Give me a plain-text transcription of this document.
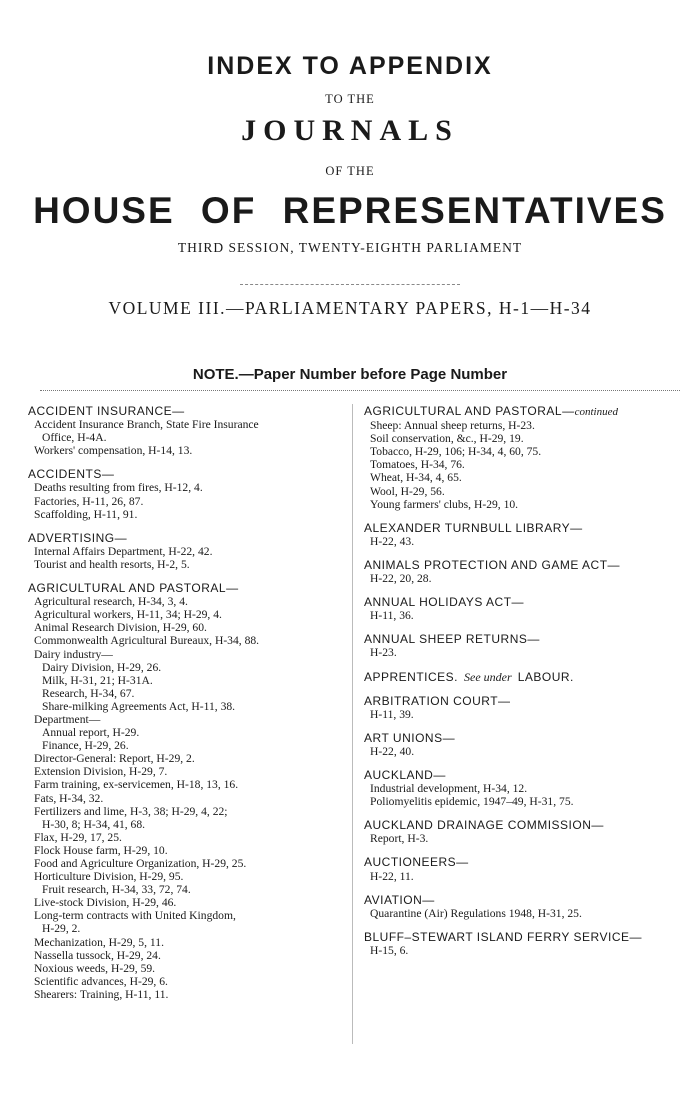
INDEX TO APPENDIX
TO THE
JOURNALS
OF THE
HOUSE OF REPRESENTATIVES
THIRD SESSION, TWENTY-EIGHTH PARLIAMENT
VOLUME III.—PARLIAMENTARY PAPERS, H-1—H-34
NOTE.—Paper Number before Page Number
ACCIDENT INSURANCE—
Accident Insurance Branch, State Fire Insurance
Office, H-4A.
Workers' compensation, H-14, 13.
ACCIDENTS—
Deaths resulting from fires, H-12, 4.
Factories, H-11, 26, 87.
Scaffolding, H-11, 91.
ADVERTISING—
Internal Affairs Department, H-22, 42.
Tourist and health resorts, H-2, 5.
AGRICULTURAL AND PASTORAL—
Agricultural research, H-34, 3, 4.
Agricultural workers, H-11, 34; H-29, 4.
Animal Research Division, H-29, 60.
Commonwealth Agricultural Bureaux, H-34, 88.
Dairy industry—
Dairy Division, H-29, 26.
Milk, H-31, 21; H-31A.
Research, H-34, 67.
Share-milking Agreements Act, H-11, 38.
Department—
Annual report, H-29.
Finance, H-29, 26.
Director-General: Report, H-29, 2.
Extension Division, H-29, 7.
Farm training, ex-servicemen, H-18, 13, 16.
Fats, H-34, 32.
Fertilizers and lime, H-3, 38; H-29, 4, 22;
H-30, 8; H-34, 41, 68.
Flax, H-29, 17, 25.
Flock House farm, H-29, 10.
Food and Agriculture Organization, H-29, 25.
Horticulture Division, H-29, 95.
Fruit research, H-34, 33, 72, 74.
Live-stock Division, H-29, 46.
Long-term contracts with United Kingdom,
H-29, 2.
Mechanization, H-29, 5, 11.
Nassella tussock, H-29, 24.
Noxious weeds, H-29, 59.
Scientific advances, H-29, 6.
Shearers: Training, H-11, 11.
AGRICULTURAL AND PASTORAL—continued
Sheep: Annual sheep returns, H-23.
Soil conservation, &c., H-29, 19.
Tobacco, H-29, 106; H-34, 4, 60, 75.
Tomatoes, H-34, 76.
Wheat, H-34, 4, 65.
Wool, H-29, 56.
Young farmers' clubs, H-29, 10.
ALEXANDER TURNBULL LIBRARY—
H-22, 43.
ANIMALS PROTECTION AND GAME ACT—
H-22, 20, 28.
ANNUAL HOLIDAYS ACT—
H-11, 36.
ANNUAL SHEEP RETURNS—
H-23.
APPRENTICES. See under LABOUR.
ARBITRATION COURT—
H-11, 39.
ART UNIONS—
H-22, 40.
AUCKLAND—
Industrial development, H-34, 12.
Poliomyelitis epidemic, 1947–49, H-31, 75.
AUCKLAND DRAINAGE COMMISSION—
Report, H-3.
AUCTIONEERS—
H-22, 11.
AVIATION—
Quarantine (Air) Regulations 1948, H-31, 25.
BLUFF–STEWART ISLAND FERRY SERVICE—
H-15, 6.
